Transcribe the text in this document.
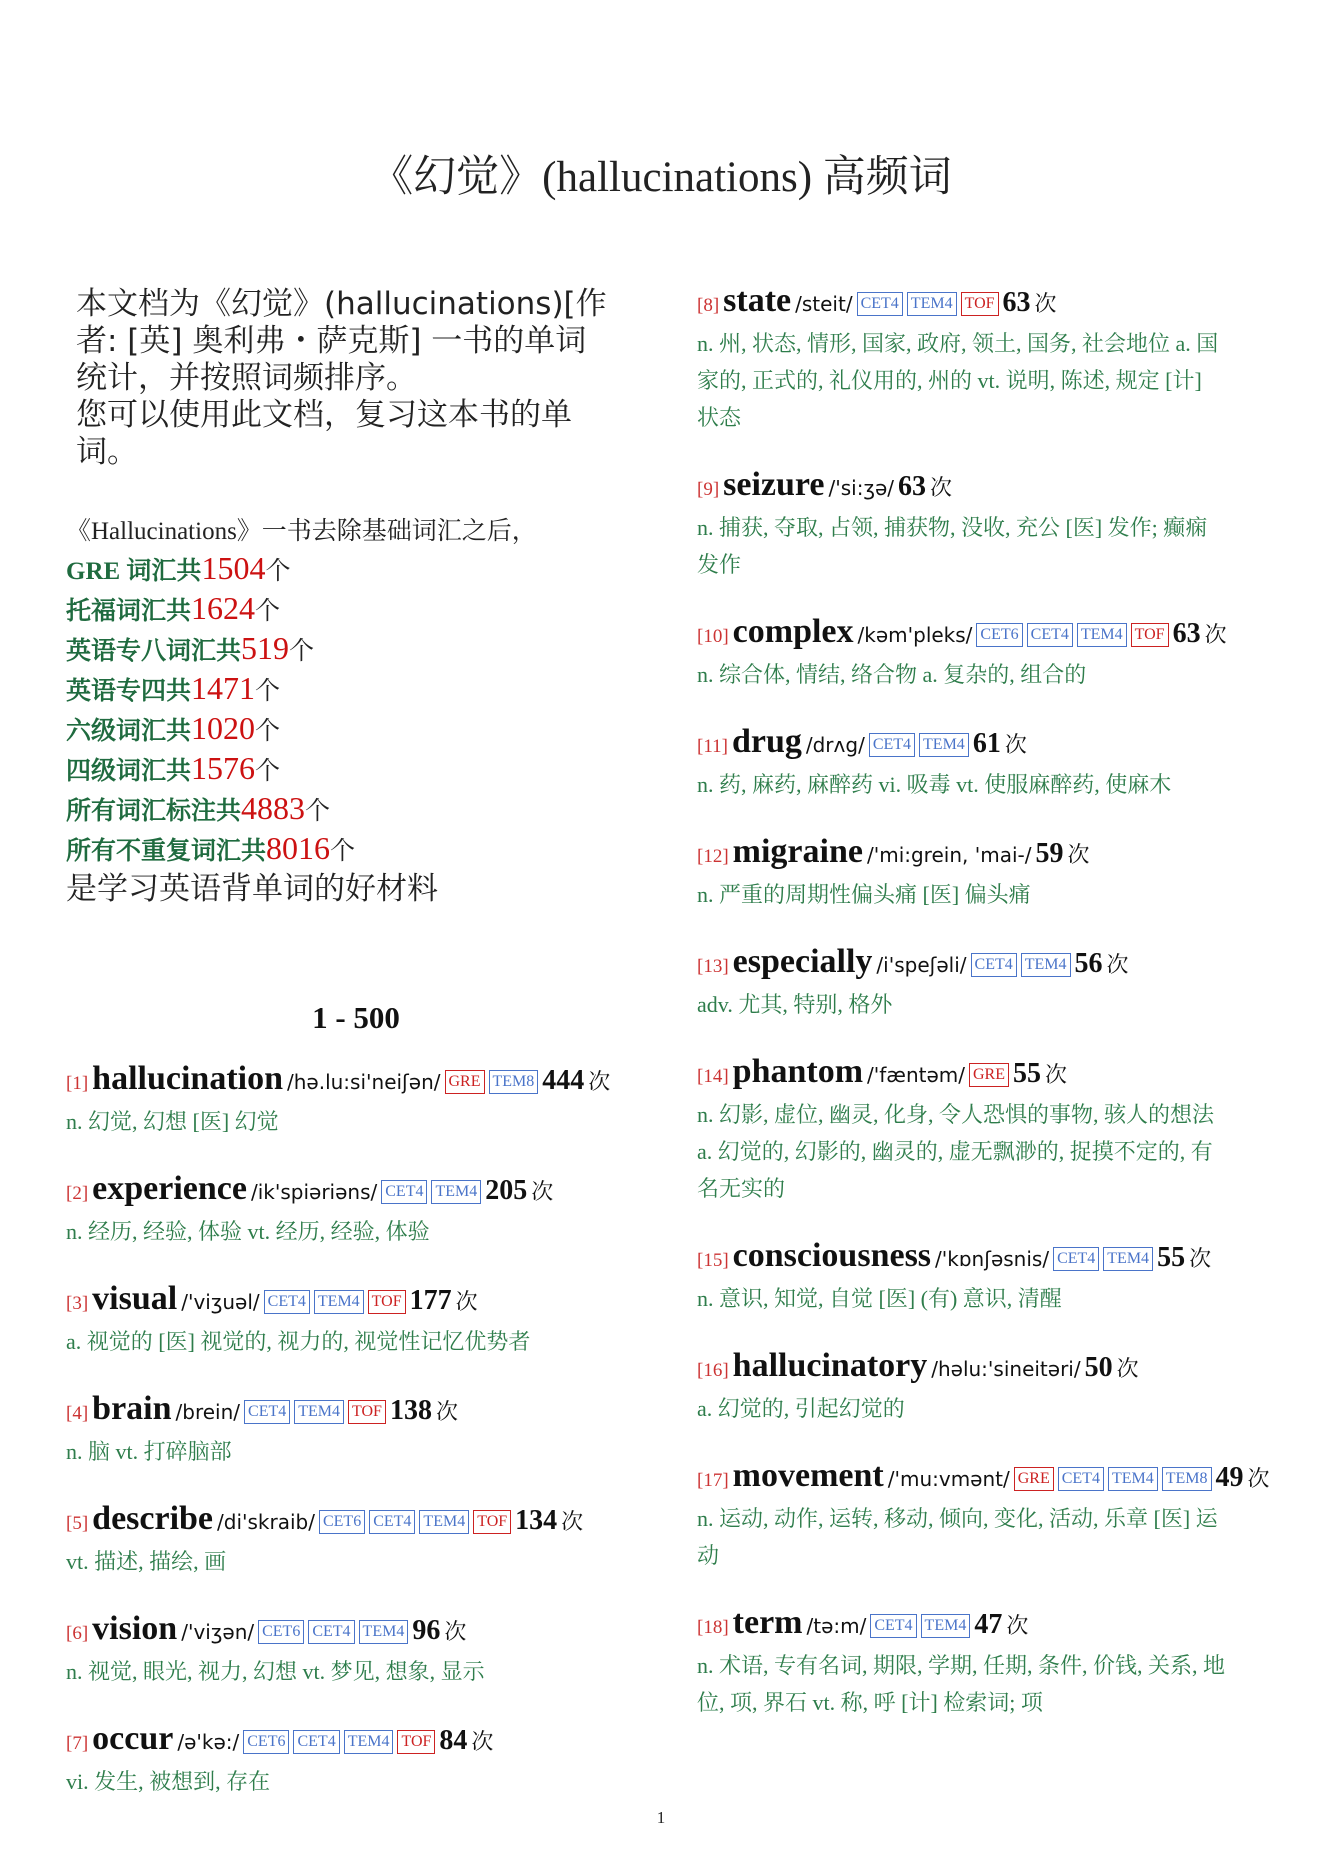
《幻觉》(hallucinations) 高频词
本文档为《幻觉》(hallucinations)[作
者: [英] 奥利弗・萨克斯] 一书的单词
统计，并按照词频排序。
您可以使用此文档，复习这本书的单
词。
《Hallucinations》一书去除基础词汇之后，
GRE 词汇共1504个
托福词汇共1624个
英语专八词汇共519个
英语专四共1471个
六级词汇共1020个
四级词汇共1576个
所有词汇标注共4883个
所有不重复词汇共8016个
是学习英语背单词的好材料
1 - 500
[1] hallucination /hə.lu:si'neiʃən/ GRE TEM8 444 次
n. 幻觉, 幻想 [医] 幻觉
[2] experience /ik'spiəriəns/ CET4 TEM4 205 次
n. 经历, 经验, 体验 vt. 经历, 经验, 体验
[3] visual /'viʒuəl/ CET4 TEM4 TOF 177 次
a. 视觉的 [医] 视觉的, 视力的, 视觉性记忆优势者
[4] brain /brein/ CET4 TEM4 TOF 138 次
n. 脑 vt. 打碎脑部
[5] describe /di'skraib/ CET6 CET4 TEM4 TOF 134 次
vt. 描述, 描绘, 画
[6] vision /'viʒən/ CET6 CET4 TEM4 96 次
n. 视觉, 眼光, 视力, 幻想 vt. 梦见, 想象, 显示
[7] occur /ə'kə:/ CET6 CET4 TEM4 TOF 84 次
vi. 发生, 被想到, 存在
[8] state /steit/ CET4 TEM4 TOF 63 次
n. 州, 状态, 情形, 国家, 政府, 领土, 国务, 社会地位 a. 国
家的, 正式的, 礼仪用的, 州的 vt. 说明, 陈述, 规定 [计]
状态
[9] seizure /'si:ʒə/ 63 次
n. 捕获, 夺取, 占领, 捕获物, 没收, 充公 [医] 发作; 癫痫
发作
[10] complex /kəm'pleks/ CET6 CET4 TEM4 TOF 63 次
n. 综合体, 情结, 络合物 a. 复杂的, 组合的
[11] drug /drʌg/ CET4 TEM4 61 次
n. 药, 麻药, 麻醉药 vi. 吸毒 vt. 使服麻醉药, 使麻木
[12] migraine /'mi:grein, 'mai-/ 59 次
n. 严重的周期性偏头痛 [医] 偏头痛
[13] especially /i'speʃəli/ CET4 TEM4 56 次
adv. 尤其, 特别, 格外
[14] phantom /'fæntəm/ GRE 55 次
n. 幻影, 虚位, 幽灵, 化身, 令人恐惧的事物, 骇人的想法
a. 幻觉的, 幻影的, 幽灵的, 虚无飘渺的, 捉摸不定的, 有
名无实的
[15] consciousness /'kɒnʃəsnis/ CET4 TEM4 55 次
n. 意识, 知觉, 自觉 [医] (有) 意识, 清醒
[16] hallucinatory /həlu:'sineitəri/ 50 次
a. 幻觉的, 引起幻觉的
[17] movement /'mu:vmənt/ GRE CET4 TEM4 TEM8 49 次
n. 运动, 动作, 运转, 移动, 倾向, 变化, 活动, 乐章 [医] 运
动
[18] term /tə:m/ CET4 TEM4 47 次
n. 术语, 专有名词, 期限, 学期, 任期, 条件, 价钱, 关系, 地
位, 项, 界石 vt. 称, 呼 [计] 检索词; 项
1
